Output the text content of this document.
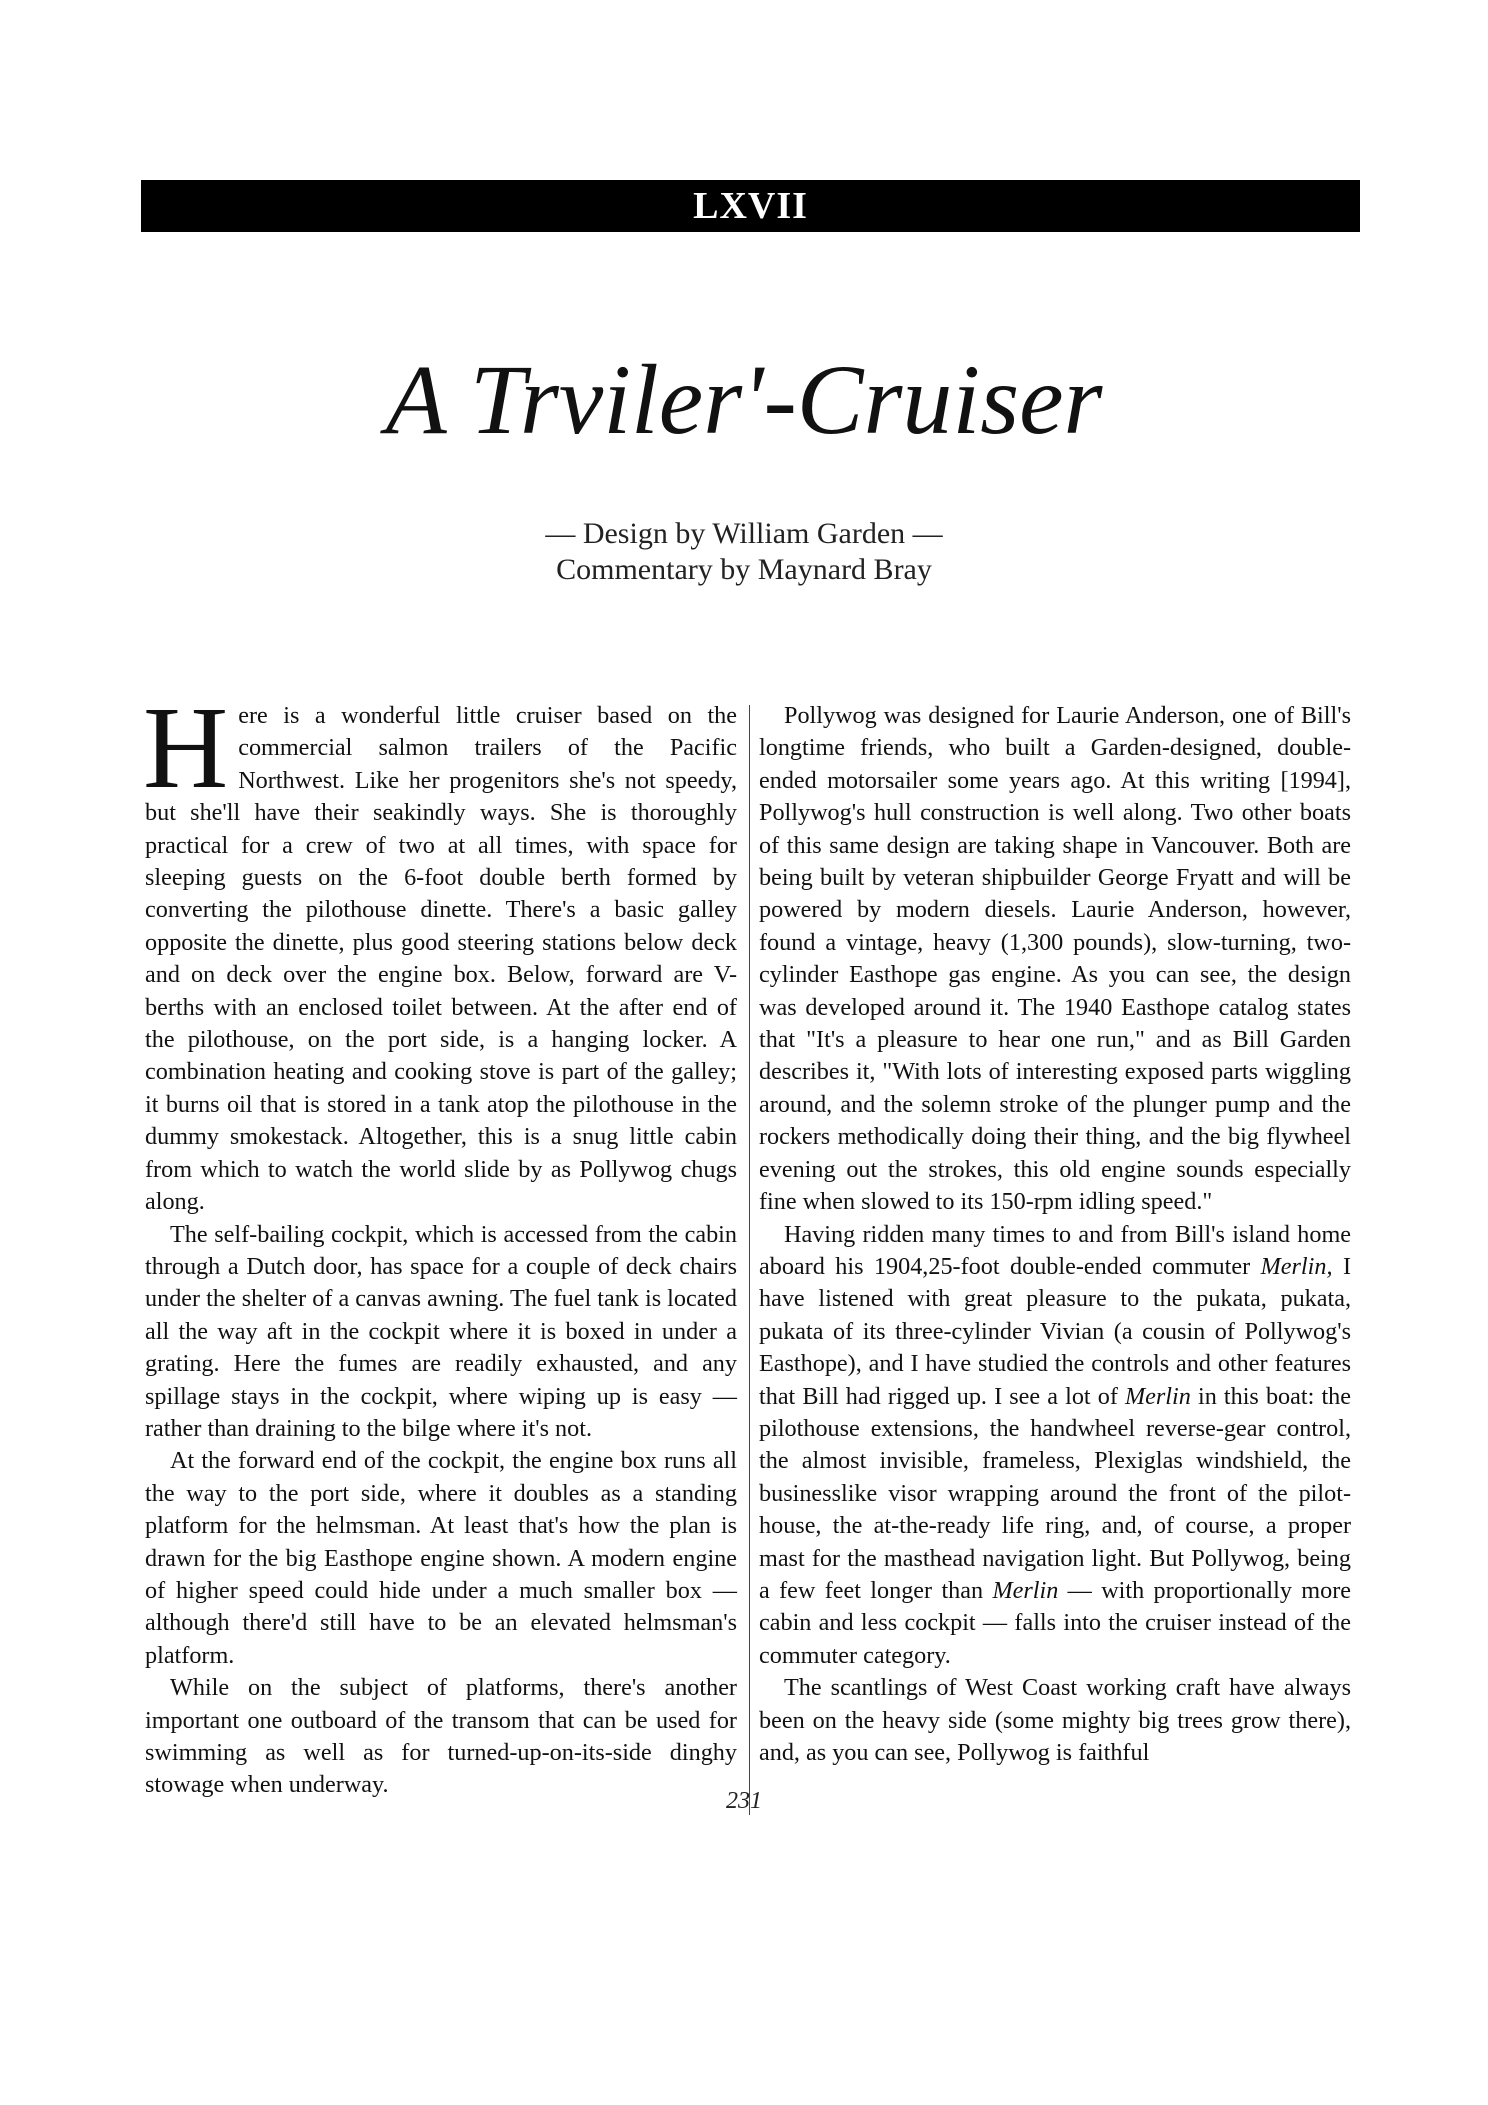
LXVII
A Trviler'-Cruiser
— Design by William Garden —
Commentary by Maynard Bray

Here is a wonderful little cruiser based on the commercial salmon trailers of the Pacific Northwest. Like her progenitors she's not speedy, but she'll have their seakindly ways. She is thoroughly practical for a crew of two at all times, with space for sleeping guests on the 6-foot double berth formed by converting the pilothouse dinette. There's a basic galley opposite the dinette, plus good steering stations below deck and on deck over the engine box. Below, forward are V-berths with an enclosed toilet between. At the after end of the pilothouse, on the port side, is a hanging locker. A combination heating and cooking stove is part of the galley; it burns oil that is stored in a tank atop the pilothouse in the dummy smokestack. Altogether, this is a snug little cabin from which to watch the world slide by as Pollywog chugs along.

The self-bailing cockpit, which is accessed from the cabin through a Dutch door, has space for a couple of deck chairs under the shelter of a canvas awning. The fuel tank is located all the way aft in the cockpit where it is boxed in under a grating. Here the fumes are readily exhausted, and any spillage stays in the cockpit, where wiping up is easy — rather than draining to the bilge where it's not.

At the forward end of the cockpit, the engine box runs all the way to the port side, where it doubles as a standing platform for the helmsman. At least that's how the plan is drawn for the big Easthope engine shown. A modern engine of higher speed could hide under a much smaller box — although there'd still have to be an elevated helmsman's platform.

While on the subject of platforms, there's another important one outboard of the transom that can be used for swimming as well as for turned-up-on-its-side dinghy stowage when underway.

Pollywog was designed for Laurie Anderson, one of Bill's longtime friends, who built a Garden-designed, double-ended motorsailer some years ago. At this writing [1994], Pollywog's hull construction is well along. Two other boats of this same design are taking shape in Vancouver. Both are being built by veteran shipbuilder George Fryatt and will be powered by modern diesels. Laurie Anderson, however, found a vintage, heavy (1,300 pounds), slow-turning, two-cylinder Easthope gas engine. As you can see, the design was developed around it. The 1940 Easthope catalog states that "It's a pleasure to hear one run," and as Bill Garden describes it, "With lots of interesting exposed parts wiggling around, and the solemn stroke of the plunger pump and the rockers methodically doing their thing, and the big flywheel evening out the strokes, this old engine sounds especially fine when slowed to its 150-rpm idling speed."

Having ridden many times to and from Bill's island home aboard his 1904,25-foot double-ended commuter Merlin, I have listened with great pleasure to the pukata, pukata, pukata of its three-cylinder Vivian (a cousin of Pollywog's Easthope), and I have studied the controls and other features that Bill had rigged up. I see a lot of Merlin in this boat: the pilothouse extensions, the handwheel reverse-gear control, the almost invisible, frameless, Plexiglas windshield, the businesslike visor wrapping around the front of the pilothouse, the at-the-ready life ring, and, of course, a proper mast for the masthead navigation light. But Pollywog, being a few feet longer than Merlin — with proportionally more cabin and less cockpit — falls into the cruiser instead of the commuter category.

The scantlings of West Coast working craft have always been on the heavy side (some mighty big trees grow there), and, as you can see, Pollywog is faithful

231
